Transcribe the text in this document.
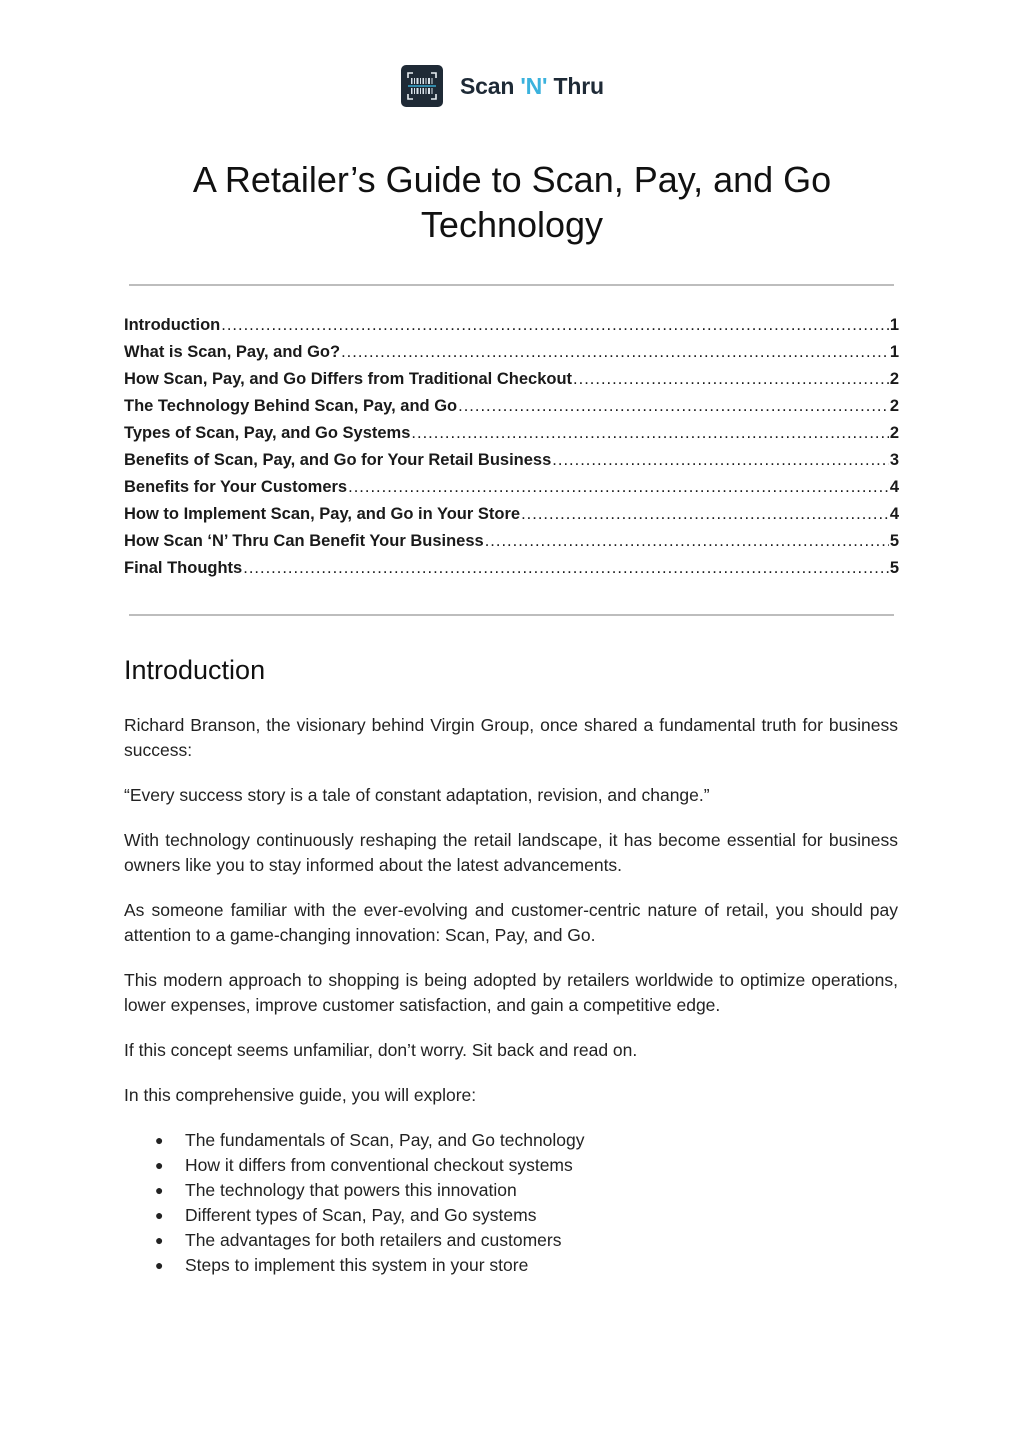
Scan 'N' Thru
A Retailer’s Guide to Scan, Pay, and Go Technology
Introduction .....	1
What is Scan, Pay, and Go? .....	1
How Scan, Pay, and Go Differs from Traditional Checkout .....	2
The Technology Behind Scan, Pay, and Go .....	2
Types of Scan, Pay, and Go Systems .....	2
Benefits of Scan, Pay, and Go for Your Retail Business .....	3
Benefits for Your Customers .....	4
How to Implement Scan, Pay, and Go in Your Store .....	4
How Scan ‘N’ Thru Can Benefit Your Business .....	5
Final Thoughts .....	5
Introduction

Richard Branson, the visionary behind Virgin Group, once shared a fundamental truth for business success:

“Every success story is a tale of constant adaptation, revision, and change.”

With technology continuously reshaping the retail landscape, it has become essential for business owners like you to stay informed about the latest advancements.

As someone familiar with the ever-evolving and customer-centric nature of retail, you should pay attention to a game-changing innovation: Scan, Pay, and Go.

This modern approach to shopping is being adopted by retailers worldwide to optimize operations, lower expenses, improve customer satisfaction, and gain a competitive edge.

If this concept seems unfamiliar, don’t worry. Sit back and read on.

In this comprehensive guide, you will explore:

● The fundamentals of Scan, Pay, and Go technology
● How it differs from conventional checkout systems
● The technology that powers this innovation
● Different types of Scan, Pay, and Go systems
● The advantages for both retailers and customers
● Steps to implement this system in your store
